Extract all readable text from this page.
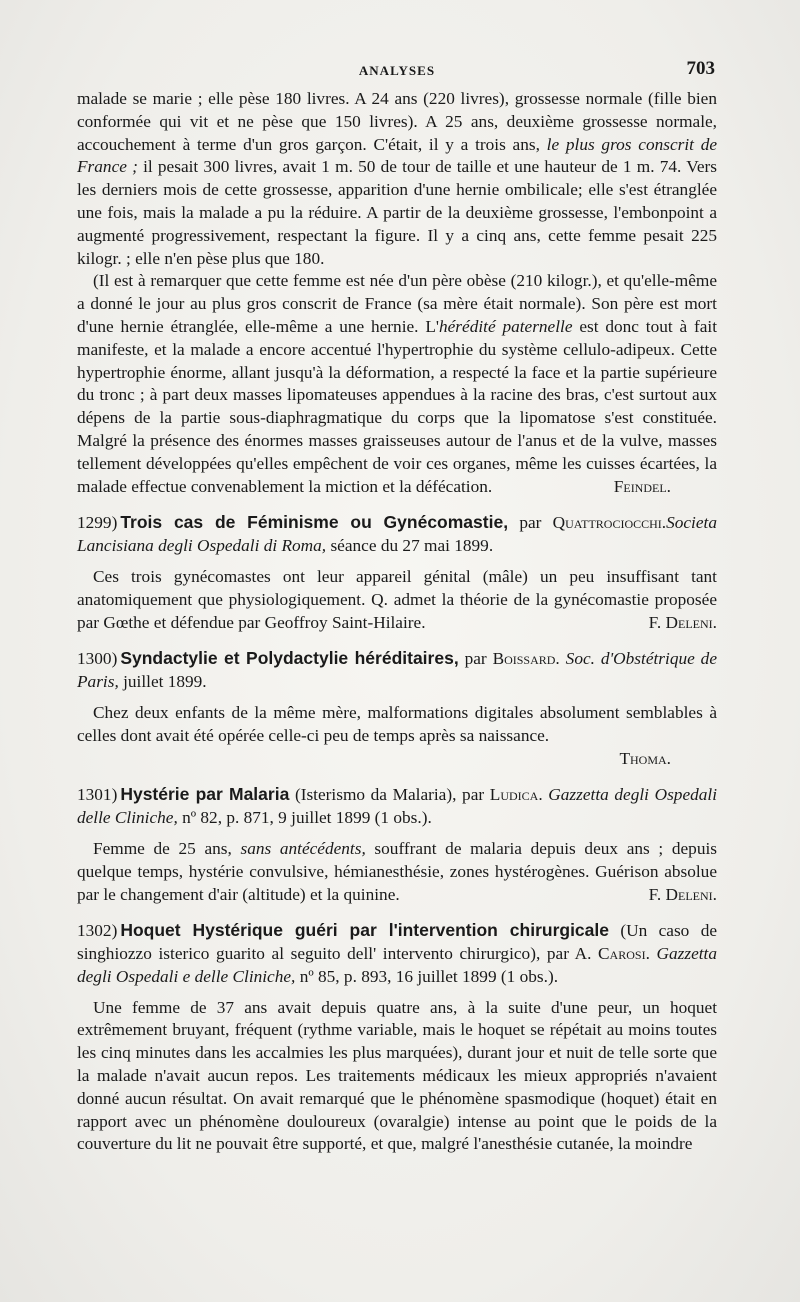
ANALYSES	703

malade se marie ; elle pèse 180 livres. A 24 ans (220 livres), grossesse normale (fille bien conformée qui vit et ne pèse que 150 livres). A 25 ans, deuxième grossesse normale, accouchement à terme d'un gros garçon. C'était, il y a trois ans, le plus gros conscrit de France ; il pesait 300 livres, avait 1 m. 50 de tour de taille et une hauteur de 1 m. 74. Vers les derniers mois de cette grossesse, apparition d'une hernie ombilicale; elle s'est étranglée une fois, mais la malade a pu la réduire. A partir de la deuxième grossesse, l'embonpoint a augmenté progressivement, respectant la figure. Il y a cinq ans, cette femme pesait 225 kilogr. ; elle n'en pèse plus que 180.

(Il est à remarquer que cette femme est née d'un père obèse (210 kilogr.), et qu'elle-même a donné le jour au plus gros conscrit de France (sa mère était normale). Son père est mort d'une hernie étranglée, elle-même a une hernie. L'hérédité paternelle est donc tout à fait manifeste, et la malade a encore accentué l'hypertrophie du système cellulo-adipeux. Cette hypertrophie énorme, allant jusqu'à la déformation, a respecté la face et la partie supérieure du tronc ; à part deux masses lipomateuses appendues à la racine des bras, c'est surtout aux dépens de la partie sous-diaphragmatique du corps que la lipomatose s'est constituée. Malgré la présence des énormes masses graisseuses autour de l'anus et de la vulve, masses tellement développées qu'elles empêchent de voir ces organes, même les cuisses écartées, la malade effectue convenablement la miction et la défécation.	Feindel.

1299) Trois cas de Féminisme ou Gynécomastie, par Quattrociocchi.Societa Lancisiana degli Ospedali di Roma, séance du 27 mai 1899.

Ces trois gynécomastes ont leur appareil génital (mâle) un peu insuffisant tant anatomiquement que physiologiquement. Q. admet la théorie de la gynécomastie proposée par Gœthe et défendue par Geoffroy Saint-Hilaire.	F. Deleni.

1300) Syndactylie et Polydactylie héréditaires, par Boissard. Soc. d'Obstétrique de Paris, juillet 1899.

Chez deux enfants de la même mère, malformations digitales absolument semblables à celles dont avait été opérée celle-ci peu de temps après sa naissance.

Thoma.

1301) Hystérie par Malaria (Isterismo da Malaria), par Ludica. Gazzetta degli Ospedali delle Cliniche, nº 82, p. 871, 9 juillet 1899 (1 obs.).

Femme de 25 ans, sans antécédents, souffrant de malaria depuis deux ans ; depuis quelque temps, hystérie convulsive, hémianesthésie, zones hystérogènes. Guérison absolue par le changement d'air (altitude) et la quinine.	F. Deleni.

1302) Hoquet Hystérique guéri par l'intervention chirurgicale (Un caso de singhiozzo isterico guarito al seguito dell' intervento chirurgico), par A. Carosi. Gazzetta degli Ospedali e delle Cliniche, nº 85, p. 893, 16 juillet 1899 (1 obs.).

Une femme de 37 ans avait depuis quatre ans, à la suite d'une peur, un hoquet extrêmement bruyant, fréquent (rythme variable, mais le hoquet se répétait au moins toutes les cinq minutes dans les accalmies les plus marquées), durant jour et nuit de telle sorte que la malade n'avait aucun repos. Les traitements médicaux les mieux appropriés n'avaient donné aucun résultat. On avait remarqué que le phénomène spasmodique (hoquet) était en rapport avec un phénomène douloureux (ovaralgie) intense au point que le poids de la couverture du lit ne pouvait être supporté, et que, malgré l'anesthésie cutanée, la moindre
